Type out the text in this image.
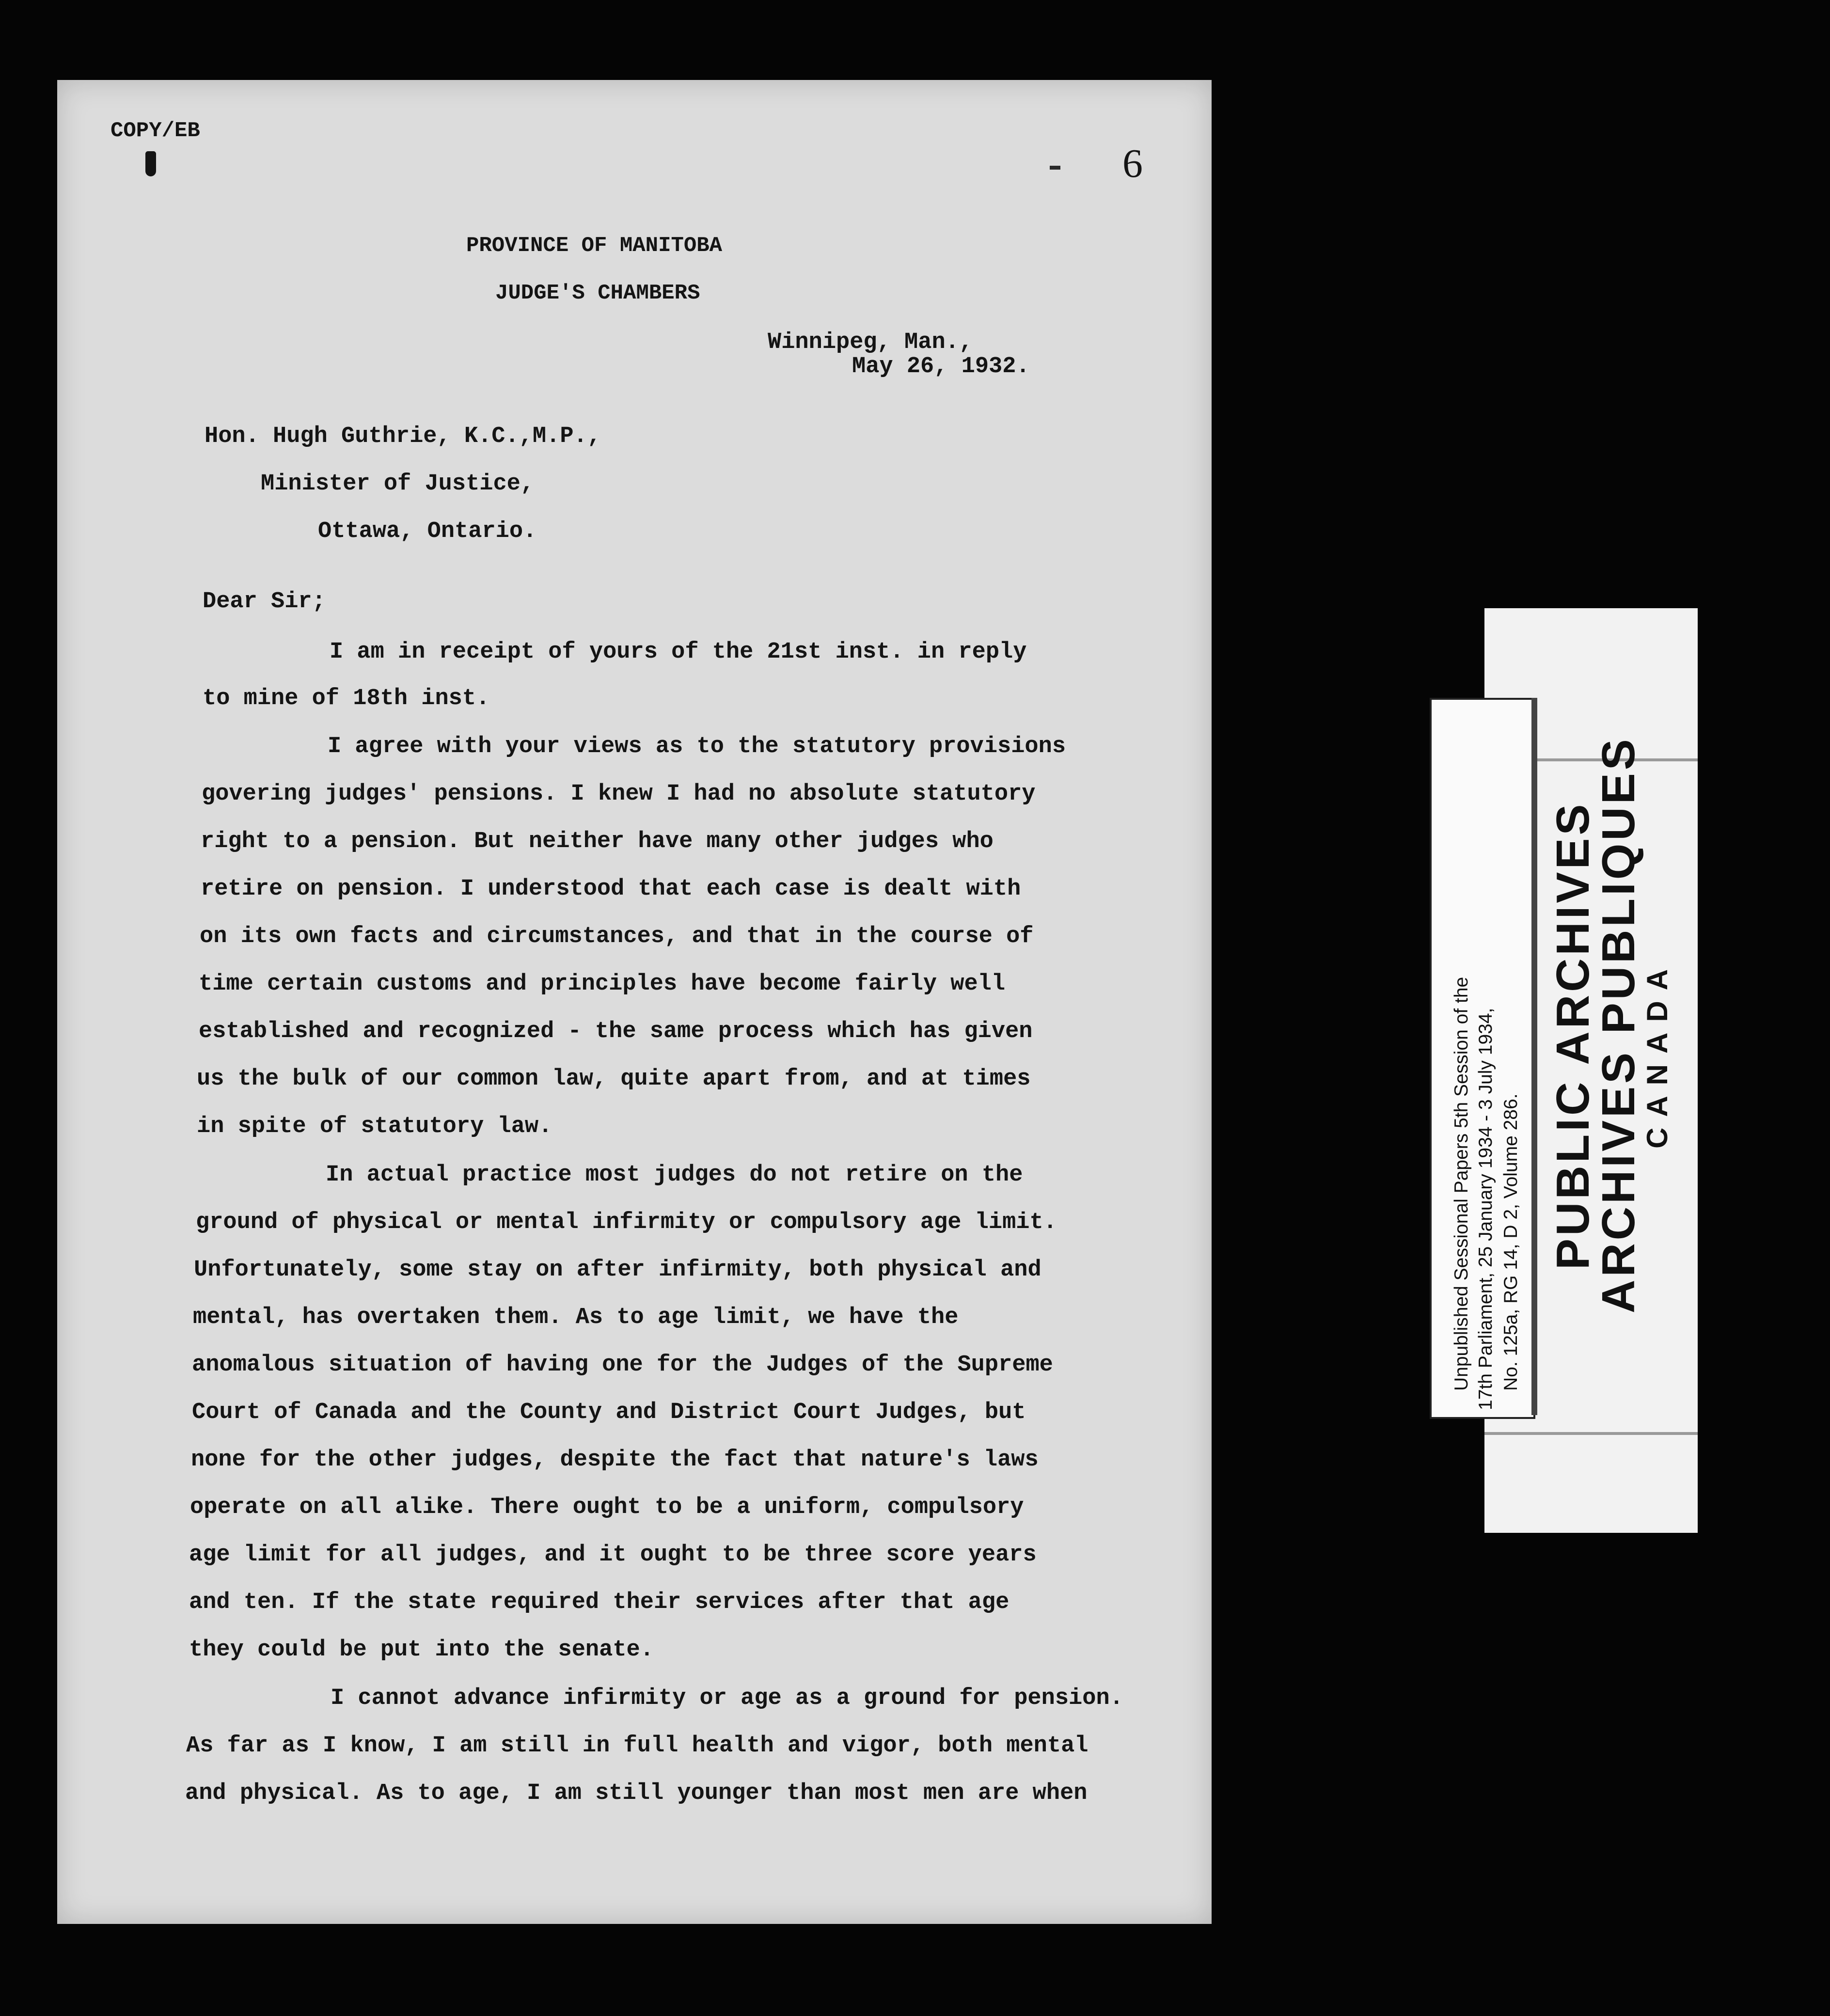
COPY/EB
6
PROVINCE OF MANITOBA
JUDGE'S CHAMBERS
Winnipeg, Man.,
May 26, 1932.
Hon. Hugh Guthrie, K.C.,M.P.,
Minister of Justice,
Ottawa, Ontario.
Dear Sir;
I am in receipt of yours of the 21st inst. in reply
to mine of 18th inst.
I agree with your views as to the statutory provisions
govering judges' pensions. I knew I had no absolute statutory
right to a pension. But neither have many other judges who
retire on pension. I understood that each case is dealt with
on its own facts and circumstances, and that in the course of
time certain customs and principles have become fairly well
established and recognized - the same process which has given
us the bulk of our common law, quite apart from, and at times
in spite of statutory law.
In actual practice most judges do not retire on the
ground of physical or mental infirmity or compulsory age limit.
Unfortunately, some stay on after infirmity, both physical and
mental, has overtaken them. As to age limit, we have the
anomalous situation of having one for the Judges of the Supreme
Court of Canada and the County and District Court Judges, but
none for the other judges, despite the fact that nature's laws
operate on all alike. There ought to be a uniform, compulsory
age limit for all judges, and it ought to be three score years
and ten. If the state required their services after that age
they could be put into the senate.
I cannot advance infirmity or age as a ground for pension.
As far as I know, I am still in full health and vigor, both mental
and physical. As to age, I am still younger than most men are when
Unpublished Sessional Papers 5th Session of the 17th Parliament, 25 January 1934 - 3 July 1934, No. 125a, RG 14, D 2, Volume 286. PUBLIC ARCHIVES
ARCHIVES PUBLIQUES
CANADA
